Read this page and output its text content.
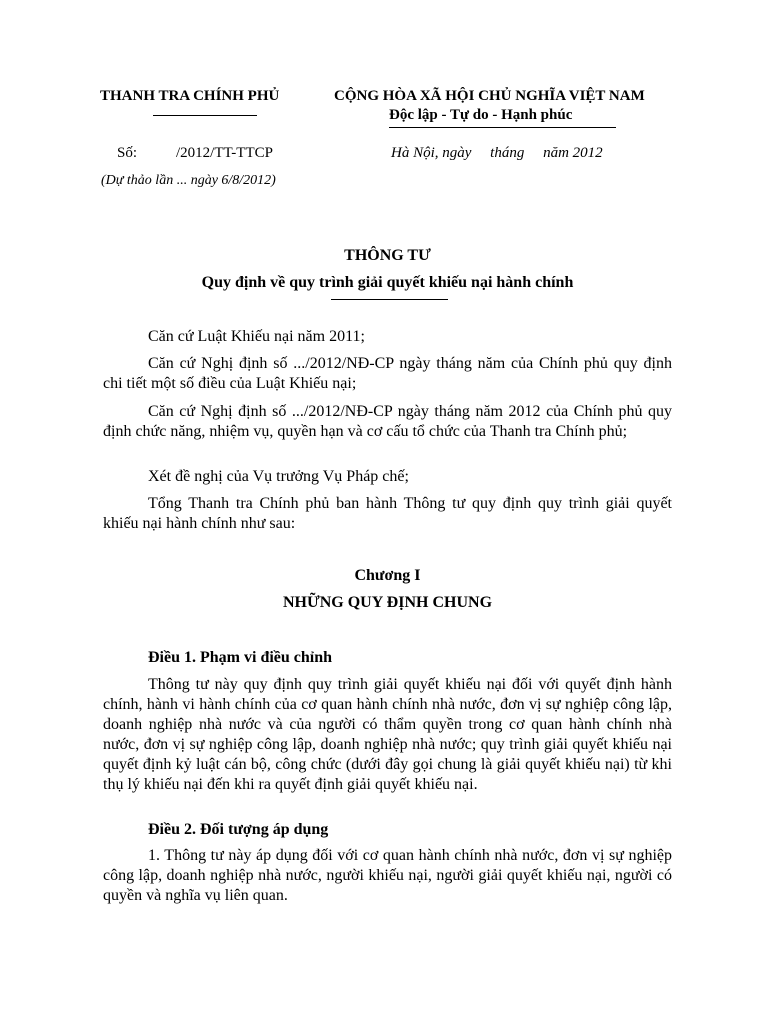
THANH TRA CHÍNH PHỦ	CỘNG HÒA XÃ HỘI CHỦ NGHĨA VIỆT NAM
Độc lập - Tự do - Hạnh phúc
Số:	/2012/TT-TTCP	Hà Nội, ngày     tháng     năm 2012
(Dự thảo lần ... ngày 6/8/2012)
THÔNG TƯ
Quy định về quy trình giải quyết khiếu nại hành chính
Căn cứ Luật Khiếu nại năm 2011;
Căn cứ Nghị định số .../2012/NĐ-CP ngày tháng năm của Chính phủ quy định chi tiết một số điều của Luật Khiếu nại;
Căn cứ Nghị định số .../2012/NĐ-CP ngày tháng năm 2012 của Chính phủ quy định chức năng, nhiệm vụ, quyền hạn và cơ cấu tổ chức của Thanh tra Chính phủ;
Xét đề nghị của Vụ trưởng Vụ Pháp chế;
Tổng Thanh tra Chính phủ ban hành Thông tư quy định quy trình giải quyết khiếu nại hành chính như sau:
Chương I
NHỮNG QUY ĐỊNH CHUNG
Điều 1. Phạm vi điều chỉnh
Thông tư này quy định quy trình giải quyết khiếu nại đối với quyết định hành chính, hành vi hành chính của cơ quan hành chính nhà nước, đơn vị sự nghiệp công lập, doanh nghiệp nhà nước và của người có thẩm quyền trong cơ quan hành chính nhà nước, đơn vị sự nghiệp công lập, doanh nghiệp nhà nước; quy trình giải quyết khiếu nại quyết định kỷ luật cán bộ, công chức (dưới đây gọi chung là giải quyết khiếu nại) từ khi thụ lý khiếu nại đến khi ra quyết định giải quyết khiếu nại.
Điều 2. Đối tượng áp dụng
1. Thông tư này áp dụng đối với cơ quan hành chính nhà nước, đơn vị sự nghiệp công lập, doanh nghiệp nhà nước, người khiếu nại, người giải quyết khiếu nại, người có quyền và nghĩa vụ liên quan.
